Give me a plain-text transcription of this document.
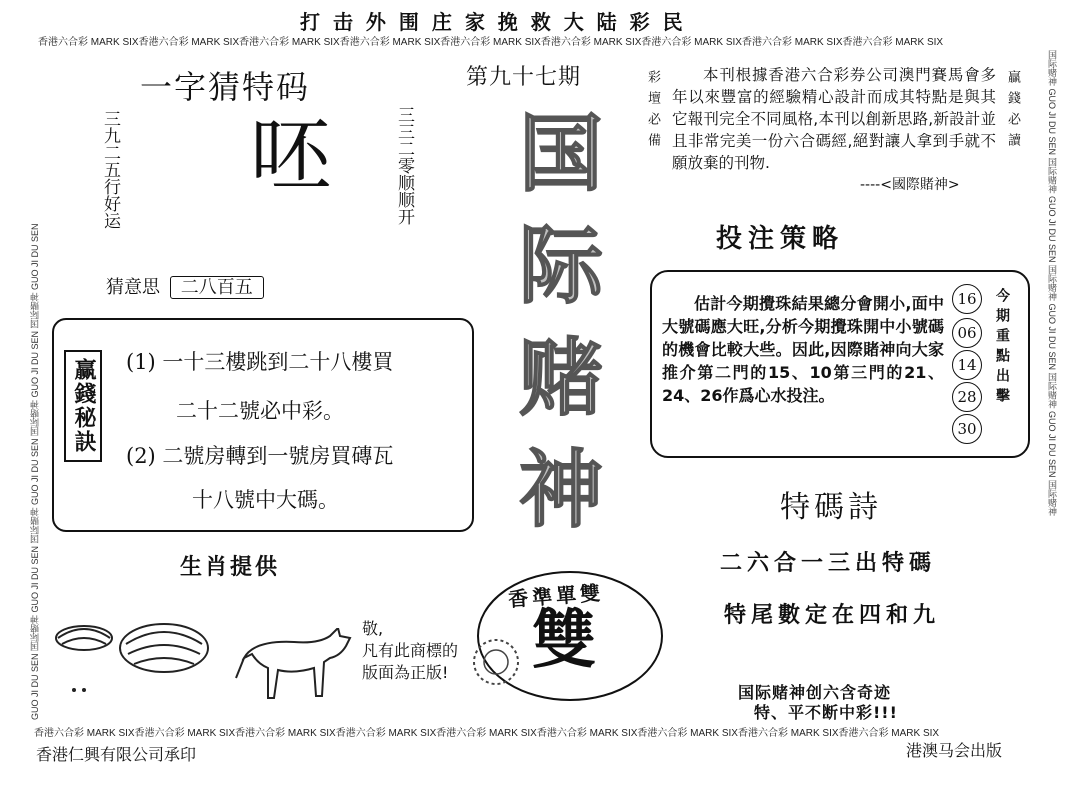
打 击 外 围 庄 家 挽 救 大 陆 彩 民
香港六合彩 MARK SIX香港六合彩 MARK SIX香港六合彩 MARK SIX香港六合彩 MARK SIX香港六合彩 MARK SIX香港六合彩 MARK SIX香港六合彩 MARK SIX香港六合彩 MARK SIX香港六合彩 MARK SIX
香港六合彩 MARK SIX香港六合彩 MARK SIX香港六合彩 MARK SIX香港六合彩 MARK SIX香港六合彩 MARK SIX香港六合彩 MARK SIX香港六合彩 MARK SIX香港六合彩 MARK SIX香港六合彩 MARK SIX
GUO JI DU SEN 国际赌神 GUO JI DU SEN 国际赌神 GUO JI DU SEN 国际赌神 GUO JI DU SEN 国际赌神 GUO JI DU SEN	国际赌神 GUO JI DU SEN 国际赌神 GUO JI DU SEN 国际赌神 GUO JI DU SEN 国际赌神 GUO JI DU SEN 国际赌神
一字猜特码
三九二五行好运 呸	三三二零顺顺开
猜意思 二八百五
赢錢秘訣 (1) 一十三樓跳到二十八樓買
二十二號必中彩。
(2) 二號房轉到一號房買磚瓦
十八號中大碼。
生肖提供
敬,
凡有此商標的
版面為正版!
第九十七期
国
际
赌
神
香準單雙
雙
彩壇必備	本刊根據香港六合彩券公司澳門賽馬會多年以來豐富的經驗精心設計而成其特點是與其它報刊完全不同風格,本刊以創新思路,新設計並且非常完美一份六合碼經,絕對讓人拿到手就不願放棄的刊物.
----<國際賭神>
贏錢必讀
投注策略
估計今期攪珠結果總分會開小,面中大號碼應大旺,分析今期攪珠開中小號碼的機會比較大些。因此,因際賭神向大家推介第二門的15、10第三門的21、24、26作爲心水投注。
16
06
14
28
30
今期重點出擊
特碼詩
二六合一三出特碼
特尾數定在四和九
国际赌神创六含奇迹
特、平不断中彩!!!
香港仁興有限公司承印	港澳马会出版
